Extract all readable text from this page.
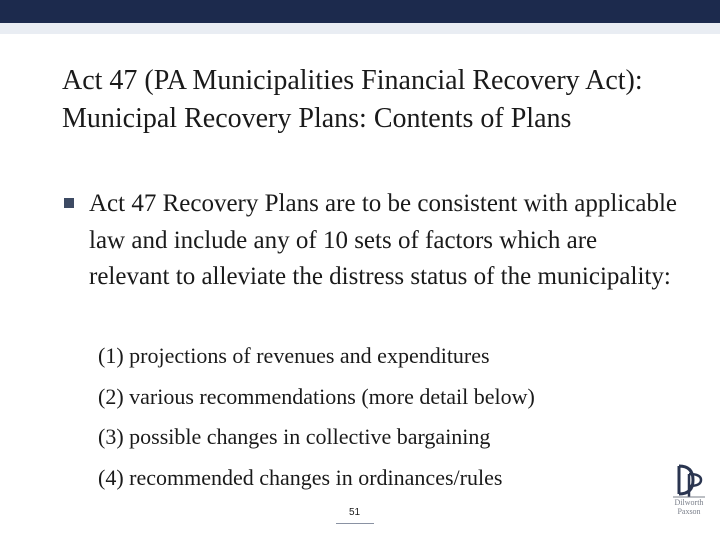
Act 47 (PA Municipalities Financial Recovery Act): Municipal Recovery Plans: Contents of Plans
Act 47 Recovery Plans are to be consistent with applicable law and include any of 10 sets of factors which are relevant to alleviate the distress status of the municipality:
(1) projections of revenues and expenditures
(2) various recommendations (more detail below)
(3) possible changes in collective bargaining
(4) recommended changes in ordinances/rules
51
Dilworth
Paxson
